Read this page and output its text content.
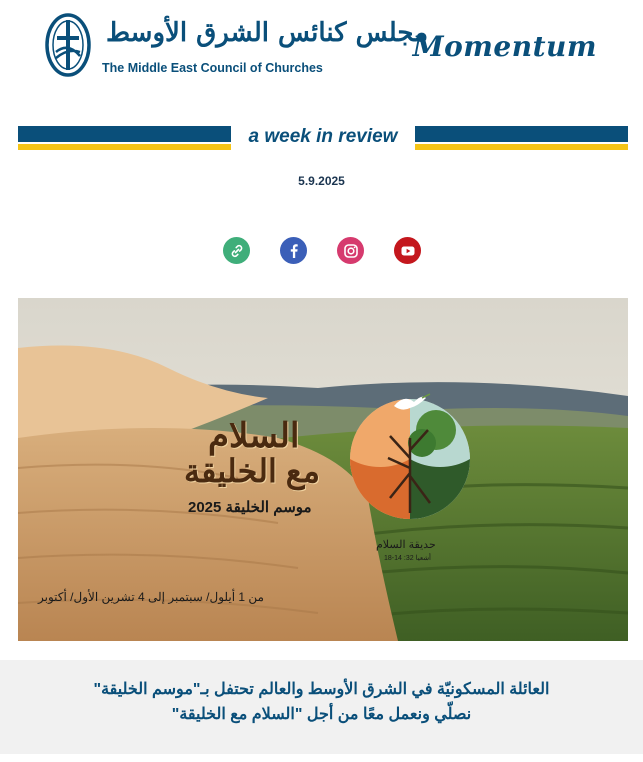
مجلس كنائس الشرق الأوسط
The Middle East Council of Churches
Momentum
a week in review
5.9.2025
السلام
مع الخليقة
موسم الخليقة 2025
حديقة السلام
أشعيا 32: 14-18
من 1 أيلول/ سبتمبر إلى 4 تشرين الأول/ أكتوبر
العائلة المسكونيّة في الشرق الأوسط والعالم تحتفل بـ"موسم الخليقة"
نصلّي ونعمل معًا من أجل "السلام مع الخليقة"
